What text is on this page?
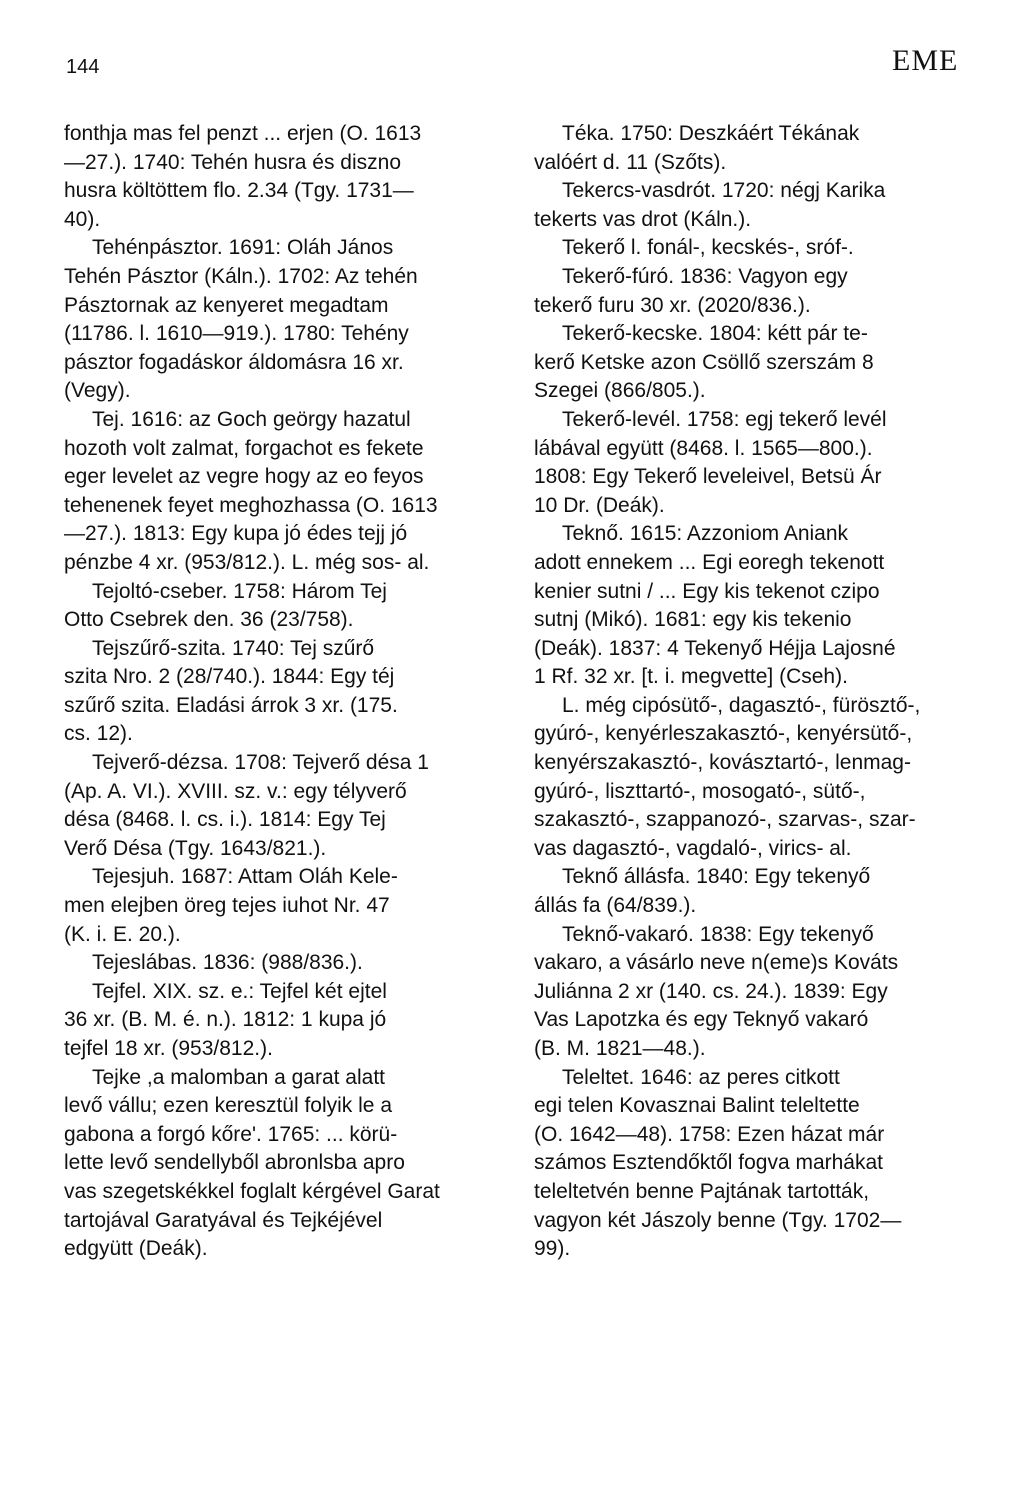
144	EME
fonthja mas fel penzt ... erjen (O. 1613
—27.). 1740: Tehén husra és diszno
husra költöttem flo. 2.34 (Tgy. 1731—
40).
Tehénpásztor. 1691: Oláh János
Tehén Pásztor (Káln.). 1702: Az tehén
Pásztornak az kenyeret megadtam
(11786. l. 1610—919.). 1780: Tehény
pásztor fogadáskor áldomásra 16 xr.
(Vegy).
Tej. 1616: az Goch geörgy hazatul
hozoth volt zalmat, forgachot es fekete
eger levelet az vegre hogy az eo feyos
tehenenek feyet meghozhassa (O. 1613
—27.). 1813: Egy kupa jó édes tejj jó
pénzbe 4 xr. (953/812.). L. még sos- al.
Tejoltó-cseber. 1758: Három Tej
Otto Csebrek den. 36 (23/758).
Tejszűrő-szita. 1740: Tej szűrő
szita Nro. 2 (28/740.). 1844: Egy téj
szűrő szita. Eladási árrok 3 xr. (175.
cs. 12).
Tejverő-dézsa. 1708: Tejverő désa 1
(Ap. A. VI.). XVIII. sz. v.: egy télyverő
désa (8468. l. cs. i.). 1814: Egy Tej
Verő Désa (Tgy. 1643/821.).
Tejesjuh. 1687: Attam Oláh Kele-
men elejben öreg tejes iuhot Nr. 47
(K. i. E. 20.).
Tejeslábas. 1836: (988/836.).
Tejfel. XIX. sz. e.: Tejfel két ejtel
36 xr. (B. M. é. n.). 1812: 1 kupa jó
tejfel 18 xr. (953/812.).
Tejke ,a malomban a garat alatt
levő vállu; ezen keresztül folyik le a
gabona a forgó kőre'. 1765: ... körü-
lette levő sendellyből abronlsba apro
vas szegetskékkel foglalt kérgével Garat
tartojával Garatyával és Tejkéjével
edgyütt (Deák).
Téka. 1750: Deszkáért Tékának
valóért d. 11 (Szőts).
Tekercs-vasdrót. 1720: négj Karika
tekerts vas drot (Káln.).
Tekerő l. fonál-, kecskés-, sróf-.
Tekerő-fúró. 1836: Vagyon egy
tekerő furu 30 xr. (2020/836.).
Tekerő-kecske. 1804: kétt pár te-
kerő Ketske azon Csöllő szerszám 8
Szegei (866/805.).
Tekerő-levél. 1758: egj tekerő levél
lábával együtt (8468. l. 1565—800.).
1808: Egy Tekerő leveleivel, Betsü Ár
10 Dr. (Deák).
Teknő. 1615: Azzoniom Aniank
adott ennekem ... Egi eoregh tekenott
kenier sutni / ... Egy kis tekenot czipo
sutnj (Mikó). 1681: egy kis tekenio
(Deák). 1837: 4 Tekenyő Héjja Lajosné
1 Rf. 32 xr. [t. i. megvette] (Cseh).
L. még cipósütő-, dagasztó-, fürösztő-,
gyúró-, kenyérleszakasztó-, kenyérsütő-,
kenyérszakasztó-, kovásztartó-, lenmag-
gyúró-, liszttartó-, mosogató-, sütő-,
szakasztó-, szappanozó-, szarvas-, szar-
vas dagasztó-, vagdaló-, virics- al.
Teknő állásfa. 1840: Egy tekenyő
állás fa (64/839.).
Teknő-vakaró. 1838: Egy tekenyő
vakaro, a vásárlo neve n(eme)s Kováts
Juliánna 2 xr (140. cs. 24.). 1839: Egy
Vas Lapotzka és egy Teknyő vakaró
(B. M. 1821—48.).
Teleltet. 1646: az peres citkott
egi telen Kovasznai Balint teleltette
(O. 1642—48). 1758: Ezen házat már
számos Esztendőktől fogva marhákat
teleltetvén benne Pajtának tartották,
vagyon két Jászoly benne (Tgy. 1702—
99).
